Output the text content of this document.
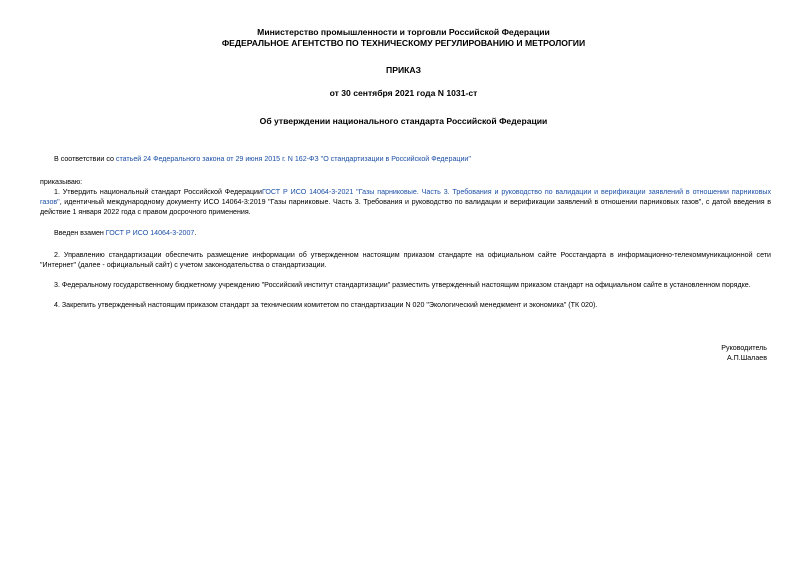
Министерство промышленности и торговли Российской Федерации
ФЕДЕРАЛЬНОЕ АГЕНТСТВО ПО ТЕХНИЧЕСКОМУ РЕГУЛИРОВАНИЮ И МЕТРОЛОГИИ
ПРИКАЗ
от 30 сентября 2021 года N 1031-ст
Об утверждении национального стандарта Российской Федерации
В соответствии со статьей 24 Федерального закона от 29 июня 2015 г. N 162-ФЗ "О стандартизации в Российской Федерации"
приказываю:
1. Утвердить национальный стандарт Российской ФедерацииГОСТ Р ИСО 14064-3-2021 "Газы парниковые. Часть 3. Требования и руководство по валидации и верификации заявлений в отношении парниковых газов", идентичный международному документу ИСО 14064-3:2019 "Газы парниковые. Часть 3. Требования и руководство по валидации и верификации заявлений в отношении парниковых газов", с датой введения в действие 1 января 2022 года с правом досрочного применения.
Введен взамен ГОСТ Р ИСО 14064-3-2007.
2. Управлению стандартизации обеспечить размещение информации об утвержденном настоящим приказом стандарте на официальном сайте Росстандарта в информационно-телекоммуникационной сети "Интернет" (далее - официальный сайт) с учетом законодательства о стандартизации.
3. Федеральному государственному бюджетному учреждению "Российский институт стандартизации" разместить утвержденный настоящим приказом стандарт на официальном сайте в установленном порядке.
4. Закрепить утвержденный настоящим приказом стандарт за техническим комитетом по стандартизации N 020 "Экологический менеджмент и экономика" (ТК 020).
Руководитель
А.П.Шалаев
